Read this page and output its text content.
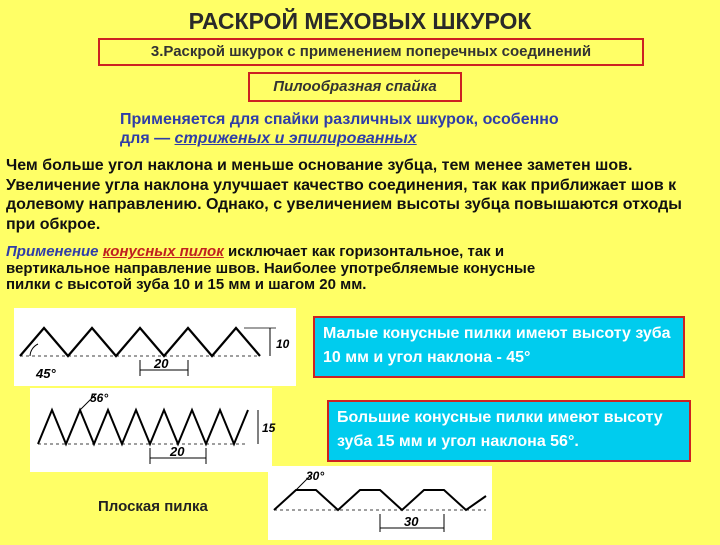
РАСКРОЙ МЕХОВЫХ ШКУРОК
3.Раскрой шкурок с применением поперечных соединений
Пилообразная спайка
Применяется для спайки различных шкурок, особенно
для — стриженых и эпилированных
Чем больше угол наклона и меньше основание зубца, тем менее заметен шов. Увеличение угла наклона улучшает качество соединения, так как приближает шов к долевому направлению. Однако, с увеличением высоты зубца повышаются отходы при обкрое.
Применение конусных пилок исключает как горизонтальное, так и
вертикальное направление швов. Наиболее употребляемые конусные
пилки с высотой зуба 10 и 15 мм и шагом 20 мм.
20
10
45°
Малые конусные пилки имеют высоту зуба 10 мм и угол наклона - 45°
20
15
56°
Большие конусные пилки имеют высоту зуба 15 мм и угол наклона 56°.
Плоская пилка
30
30°
